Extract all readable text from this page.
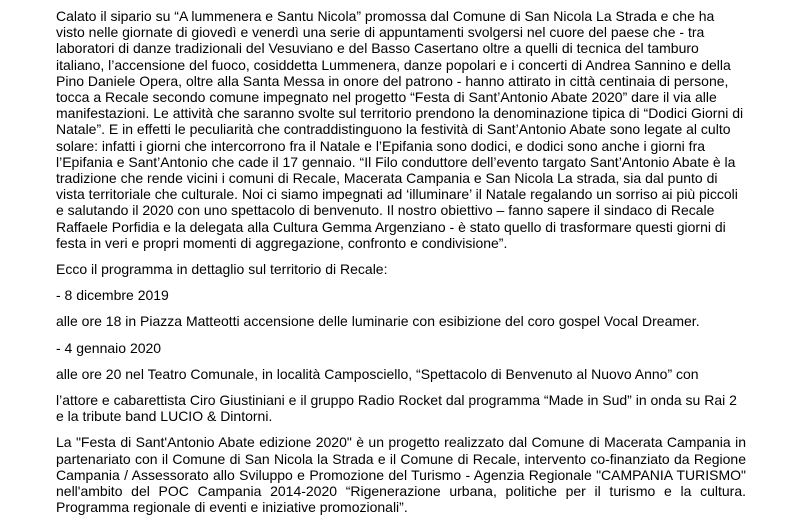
Calato il sipario su “A lummenera e Santu Nicola” promossa dal Comune di San Nicola La Strada e che ha visto nelle giornate di giovedì e venerdì una serie di appuntamenti svolgersi nel cuore del paese che - tra laboratori di danze tradizionali del Vesuviano e del Basso Casertano oltre a quelli di tecnica del tamburo italiano, l’accensione del fuoco, cosiddetta Lummenera, danze popolari e i concerti di Andrea Sannino e della Pino Daniele Opera, oltre alla Santa Messa in onore del patrono - hanno attirato in città centinaia di persone, tocca a Recale secondo comune impegnato nel progetto “Festa di Sant’Antonio Abate 2020” dare il via alle manifestazioni. Le attività che saranno svolte sul territorio prendono la denominazione tipica di “Dodici Giorni di Natale”. E in effetti le peculiarità che contraddistinguono la festività di Sant’Antonio Abate sono legate al culto solare: infatti i giorni che intercorrono fra il Natale e l’Epifania sono dodici, e dodici sono anche i giorni fra l’Epifania e Sant’Antonio che cade il 17 gennaio. “Il Filo conduttore dell’evento targato Sant’Antonio Abate è la tradizione che rende vicini i comuni di Recale, Macerata Campania e San Nicola La strada, sia dal punto di vista territoriale che culturale. Noi ci siamo impegnati ad ‘illuminare’ il Natale regalando un sorriso ai più piccoli e salutando il 2020 con uno spettacolo di benvenuto. Il nostro obiettivo – fanno sapere il sindaco di Recale Raffaele Porfidia e la delegata alla Cultura Gemma Argenziano - è stato quello di trasformare questi giorni di festa in veri e propri momenti di aggregazione, confronto e condivisione”.

Ecco il programma in dettaglio sul territorio di Recale:

- 8 dicembre 2019

alle ore 18 in Piazza Matteotti accensione delle luminarie con esibizione del coro gospel Vocal Dreamer.

- 4 gennaio 2020

alle ore 20 nel Teatro Comunale, in località Camposciello, “Spettacolo di Benvenuto al Nuovo Anno” con

l’attore e cabarettista Ciro Giustiniani e il gruppo Radio Rocket dal programma “Made in Sud” in onda su Rai 2 e la tribute band LUCIO & Dintorni.

La "Festa di Sant'Antonio Abate edizione 2020" è un progetto realizzato dal Comune di Macerata Campania in partenariato con il Comune di San Nicola la Strada e il Comune di Recale, intervento co-finanziato da Regione Campania / Assessorato allo Sviluppo e Promozione del Turismo - Agenzia Regionale "CAMPANIA TURISMO" nell'ambito del POC Campania 2014-2020 “Rigenerazione urbana, politiche per il turismo e la cultura. Programma regionale di eventi e iniziative promozionali”.
